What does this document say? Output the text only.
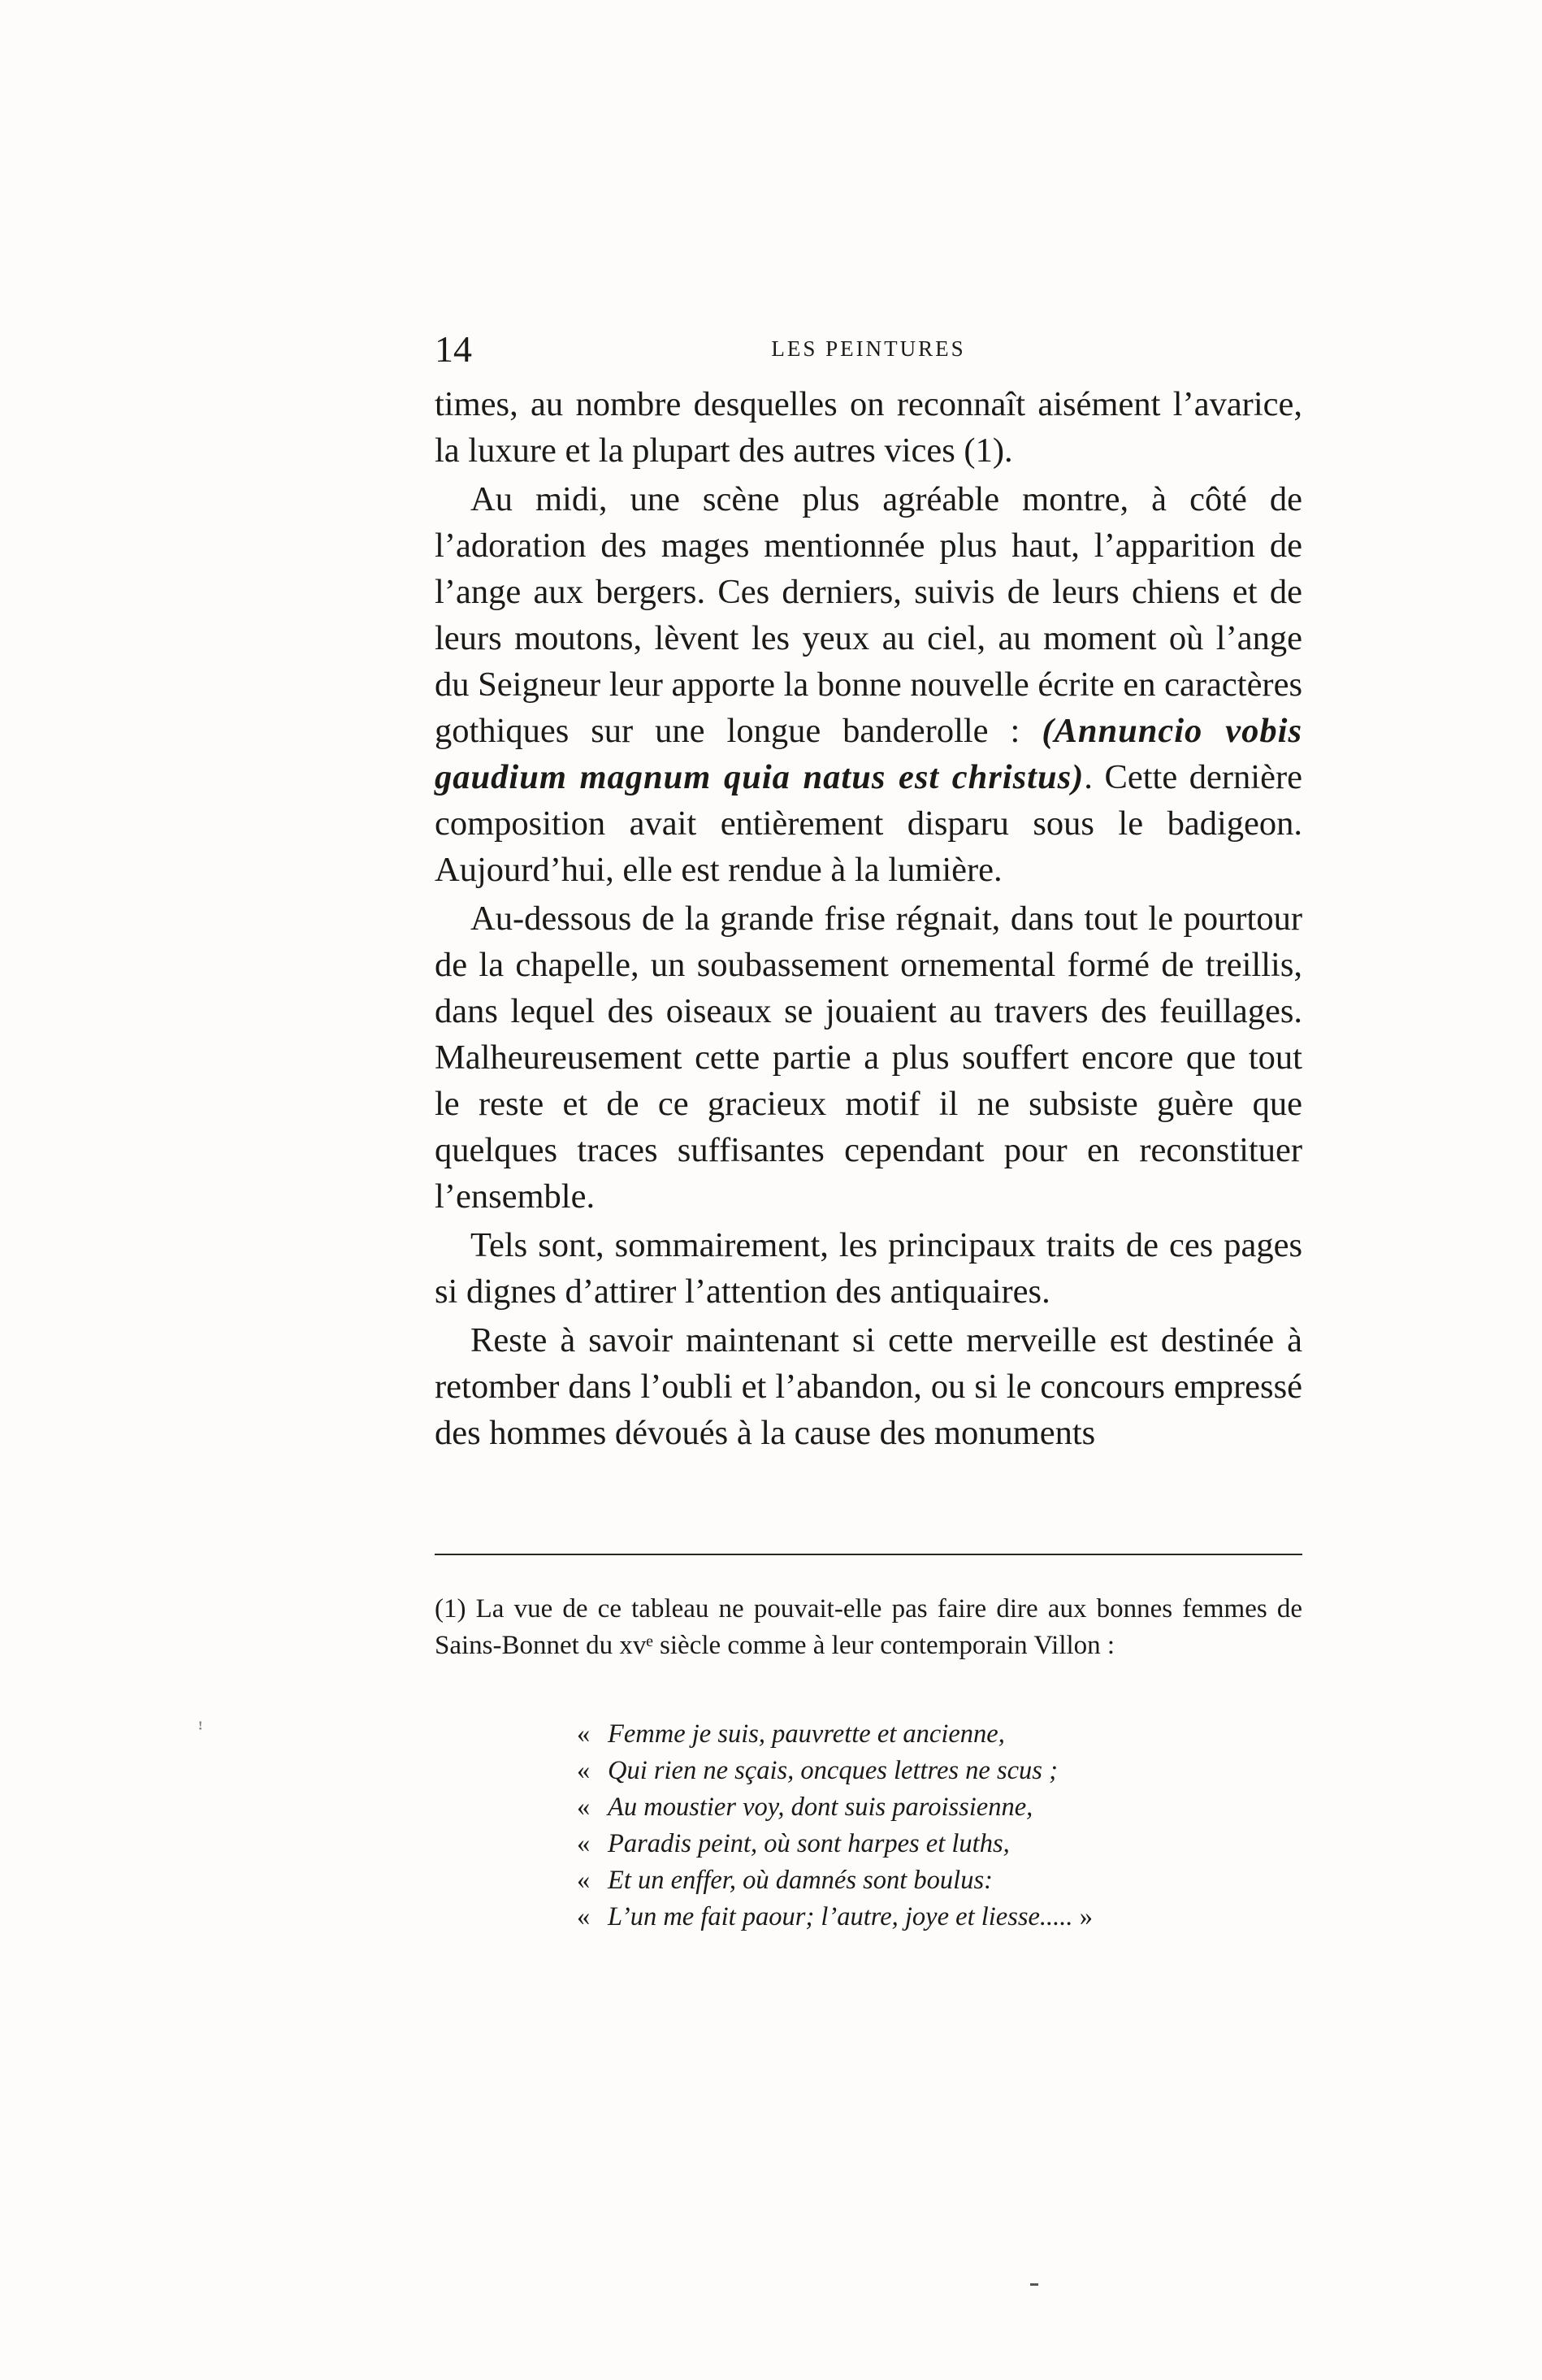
14	LES PEINTURES

times, au nombre desquelles on reconnaît aisément l’avarice, la luxure et la plupart des autres vices (1).

Au midi, une scène plus agréable montre, à côté de l’adoration des mages mentionnée plus haut, l’apparition de l’ange aux bergers. Ces derniers, suivis de leurs chiens et de leurs moutons, lèvent les yeux au ciel, au moment où l’ange du Seigneur leur apporte la bonne nouvelle écrite en caractères gothiques sur une longue banderolle : (Annuncio vobis gaudium magnum quia natus est christus). Cette dernière composition avait entièrement disparu sous le badigeon. Aujourd’hui, elle est rendue à la lumière.

Au-dessous de la grande frise régnait, dans tout le pourtour de la chapelle, un soubassement ornemental formé de treillis, dans lequel des oiseaux se jouaient au travers des feuillages. Malheureusement cette partie a plus souffert encore que tout le reste et de ce gracieux motif il ne subsiste guère que quelques traces suffisantes cependant pour en reconstituer l’ensemble.

Tels sont, sommairement, les principaux traits de ces pages si dignes d’attirer l’attention des antiquaires.

Reste à savoir maintenant si cette merveille est destinée à retomber dans l’oubli et l’abandon, ou si le concours empressé des hommes dévoués à la cause des monuments

(1) La vue de ce tableau ne pouvait-elle pas faire dire aux bonnes femmes de Sains-Bonnet du xvᵉ siècle comme à leur contemporain Villon :

« Femme je suis, pauvrette et ancienne,
« Qui rien ne sçais, oncques lettres ne scus ;
« Au moustier voy, dont suis paroissienne,
« Paradis peint, où sont harpes et luths,
« Et un enffer, où damnés sont boulus:
« L’un me fait paour; l’autre, joye et liesse..... »
ꜝ
